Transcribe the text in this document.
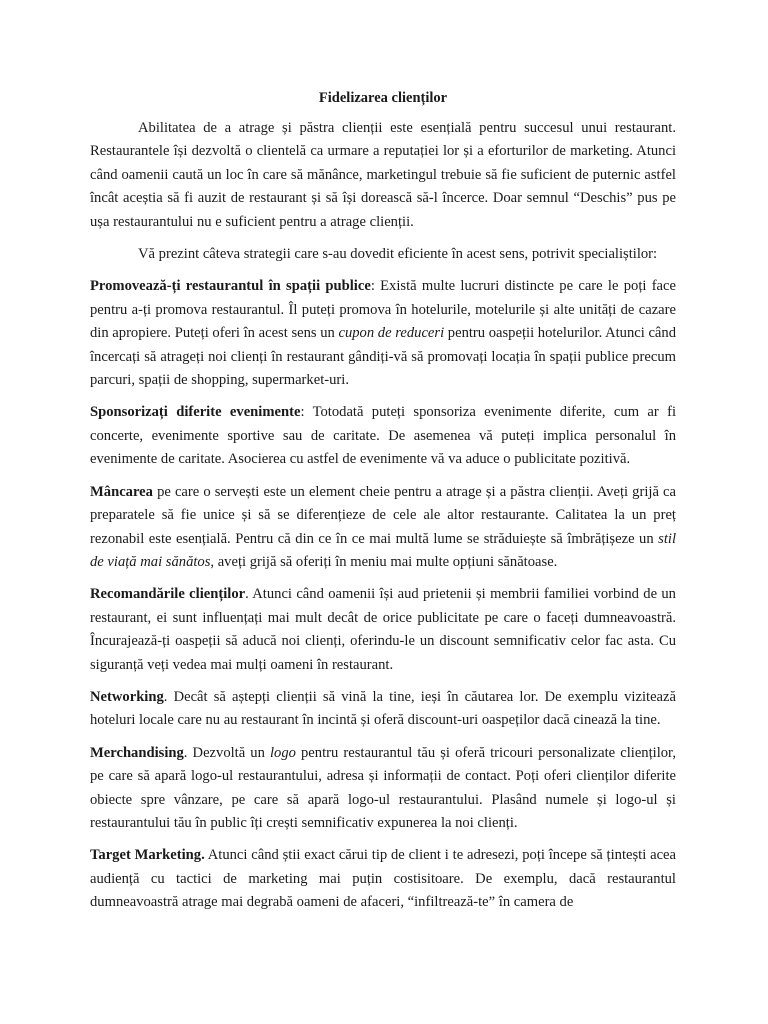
Fidelizarea clienților

Abilitatea de a atrage și păstra clienții este esențială pentru succesul unui restaurant. Restaurantele își dezvoltă o clientelă ca urmare a reputației lor și a eforturilor de marketing. Atunci când oamenii caută un loc în care să mănânce, marketingul trebuie să fie suficient de puternic astfel încât aceștia să fi auzit de restaurant și să își dorească să-l încerce. Doar semnul “Deschis” pus pe ușa restaurantului nu e suficient pentru a atrage clienții.

Vă prezint câteva strategii care s-au dovedit eficiente în acest sens, potrivit specialiștilor:

Promovează-ți restaurantul în spații publice: Există multe lucruri distincte pe care le poți face pentru a-ți promova restaurantul. Îl puteți promova în hotelurile, motelurile și alte unități de cazare din apropiere. Puteți oferi în acest sens un cupon de reduceri pentru oaspeții hotelurilor. Atunci când încercați să atrageți noi clienți în restaurant gândiți-vă să promovați locația în spații publice precum parcuri, spații de shopping, supermarket-uri.

Sponsorizați diferite evenimente: Totodată puteți sponsoriza evenimente diferite, cum ar fi concerte, evenimente sportive sau de caritate. De asemenea vă puteți implica personalul în evenimente de caritate. Asocierea cu astfel de evenimente vă va aduce o publicitate pozitivă.

Mâncarea pe care o servești este un element cheie pentru a atrage și a păstra clienții. Aveți grijă ca preparatele să fie unice și să se diferențieze de cele ale altor restaurante. Calitatea la un preț rezonabil este esențială. Pentru că din ce în ce mai multă lume se străduiește să îmbrățișeze un stil de viață mai sănătos, aveți grijă să oferiți în meniu mai multe opțiuni sănătoase.

Recomandările clienților. Atunci când oamenii își aud prietenii și membrii familiei vorbind de un restaurant, ei sunt influențați mai mult decât de orice publicitate pe care o faceți dumneavoastră. Încurajează-ți oaspeții să aducă noi clienți, oferindu-le un discount semnificativ celor fac asta. Cu siguranță veți vedea mai mulți oameni în restaurant.

Networking. Decât să aștepți clienții să vină la tine, ieși în căutarea lor. De exemplu vizitează hoteluri locale care nu au restaurant în incintă și oferă discount-uri oaspeților dacă cinează la tine.

Merchandising. Dezvoltă un logo pentru restaurantul tău și oferă tricouri personalizate clienților, pe care să apară logo-ul restaurantului, adresa și informații de contact. Poți oferi clienților diferite obiecte spre vânzare, pe care să apară logo-ul restaurantului. Plasând numele și logo-ul și restaurantului tău în public îți crești semnificativ expunerea la noi clienți.

Target Marketing. Atunci când știi exact cărui tip de client i te adresezi, poți începe să țintești acea audiență cu tactici de marketing mai puțin costisitoare. De exemplu, dacă restaurantul dumneavoastră atrage mai degrabă oameni de afaceri, “infiltrează-te” în camera de
